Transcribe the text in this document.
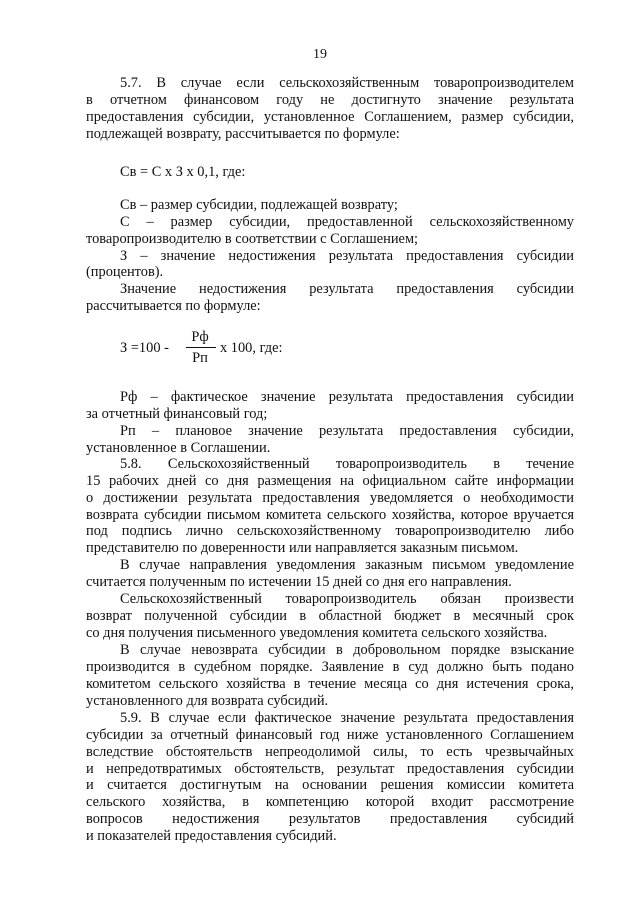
19
5.7. В случае если сельскохозяйственным товаропроизводителем
в отчетном финансовом году не достигнуто значение результата
предоставления субсидии, установленное Соглашением, размер субсидии,
подлежащей возврату, рассчитывается по формуле:
Св = С х З х 0,1, где:
Св – размер субсидии, подлежащей возврату;
С – размер субсидии, предоставленной сельскохозяйственному
товаропроизводителю в соответствии с Соглашением;
З – значение недостижения результата предоставления субсидии
(процентов).
Значение недостижения результата предоставления субсидии
рассчитывается по формуле:
З =100 -
Рф
Рп
х 100, где:
Рф – фактическое значение результата предоставления субсидии
за отчетный финансовый год;
Рп – плановое значение результата предоставления субсидии,
установленное в Соглашении.
5.8. Сельскохозяйственный товаропроизводитель в течение
15 рабочих дней со дня размещения на официальном сайте информации
о достижении результата предоставления уведомляется о необходимости
возврата субсидии письмом комитета сельского хозяйства, которое вручается
под подпись лично сельскохозяйственному товаропроизводителю либо
представителю по доверенности или направляется заказным письмом.
В случае направления уведомления заказным письмом уведомление
считается полученным по истечении 15 дней со дня его направления.
Сельскохозяйственный товаропроизводитель обязан произвести
возврат полученной субсидии в областной бюджет в месячный срок
со дня получения письменного уведомления комитета сельского хозяйства.
В случае невозврата субсидии в добровольном порядке взыскание
производится в судебном порядке. Заявление в суд должно быть подано
комитетом сельского хозяйства в течение месяца со дня истечения срока,
установленного для возврата субсидий.
5.9. В случае если фактическое значение результата предоставления
субсидии за отчетный финансовый год ниже установленного Соглашением
вследствие обстоятельств непреодолимой силы, то есть чрезвычайных
и непредотвратимых обстоятельств, результат предоставления субсидии
и считается достигнутым на основании решения комиссии комитета
сельского хозяйства, в компетенцию которой входит рассмотрение
вопросов недостижения результатов предоставления субсидий
и показателей предоставления субсидий.
